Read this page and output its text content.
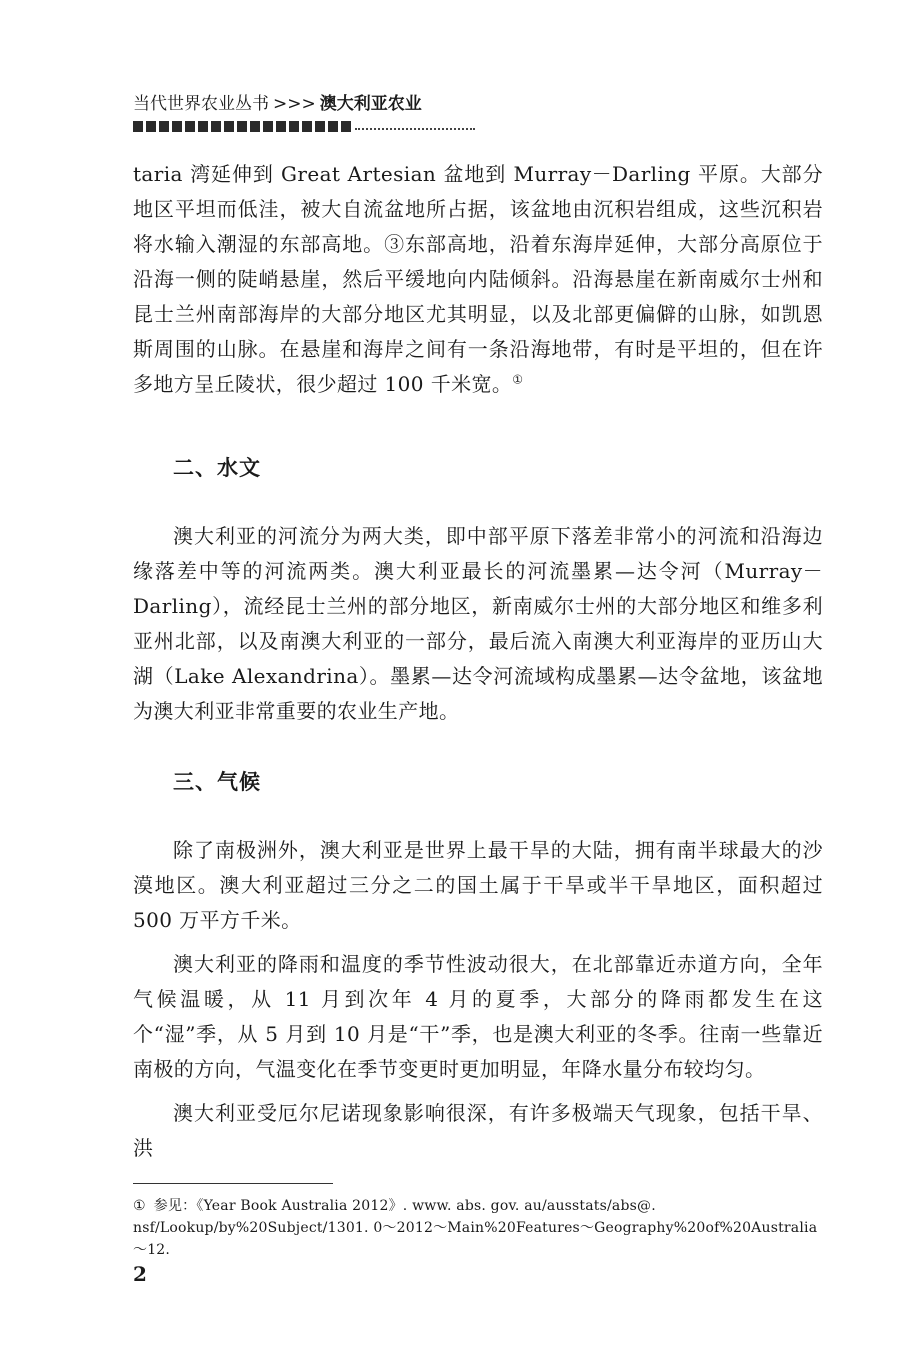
当代世界农业丛书 >>> 澳大利亚农业

taria 湾延伸到 Great Artesian 盆地到 Murray－Darling 平原。大部分地区平坦而低洼，被大自流盆地所占据，该盆地由沉积岩组成，这些沉积岩将水输入潮湿的东部高地。③东部高地，沿着东海岸延伸，大部分高原位于沿海一侧的陡峭悬崖，然后平缓地向内陆倾斜。沿海悬崖在新南威尔士州和昆士兰州南部海岸的大部分地区尤其明显，以及北部更偏僻的山脉，如凯恩斯周围的山脉。在悬崖和海岸之间有一条沿海地带，有时是平坦的，但在许多地方呈丘陵状，很少超过 100 千米宽。①

二、水文

澳大利亚的河流分为两大类，即中部平原下落差非常小的河流和沿海边缘落差中等的河流两类。澳大利亚最长的河流墨累—达令河（Murray－Darling），流经昆士兰州的部分地区，新南威尔士州的大部分地区和维多利亚州北部，以及南澳大利亚的一部分，最后流入南澳大利亚海岸的亚历山大湖（Lake Alexandrina）。墨累—达令河流域构成墨累—达令盆地，该盆地为澳大利亚非常重要的农业生产地。

三、气候

除了南极洲外，澳大利亚是世界上最干旱的大陆，拥有南半球最大的沙漠地区。澳大利亚超过三分之二的国土属于干旱或半干旱地区，面积超过 500 万平方千米。

澳大利亚的降雨和温度的季节性波动很大，在北部靠近赤道方向，全年气候温暖，从 11 月到次年 4 月的夏季，大部分的降雨都发生在这个“湿”季，从 5 月到 10 月是“干”季，也是澳大利亚的冬季。往南一些靠近南极的方向，气温变化在季节变更时更加明显，年降水量分布较均匀。

澳大利亚受厄尔尼诺现象影响很深，有许多极端天气现象，包括干旱、洪

① 参见：《Year Book Australia 2012》. www. abs. gov. au/ausstats/abs@. nsf/Lookup/by%20Subject/1301. 0～2012～Main%20Features～Geography%20of%20Australia～12.

2
